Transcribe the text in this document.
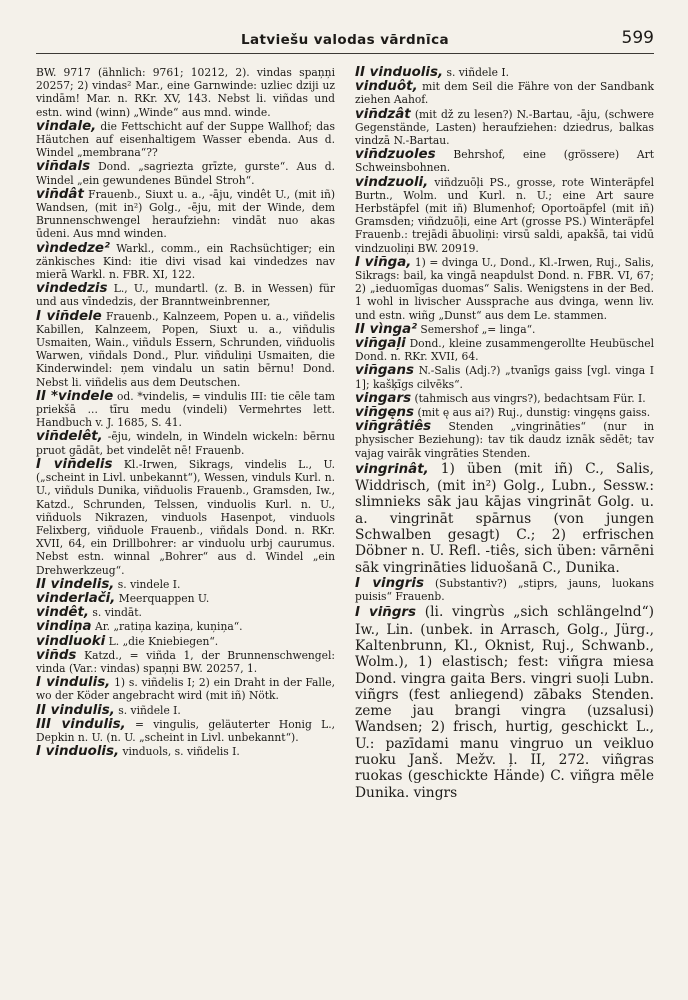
Latviešu valodas vārdnīca	599
BW. 9717 (ähnlich: 9761; 10212, 2). vindas spaņņi 20257; 2) vindas² Mar., eine Garnwinde: uzliec dziji uz vindām! Mar. n. RKr. XV, 143. Nebst li. viñdas und estn. wind (winn) „Winde“ aus mnd. winde.
vindale, die Fettschicht auf der Suppe Wallhof; das Häutchen auf eisenhaltigem Wasser ebenda. Aus d. Windel „membrana“??
viñdals Dond. „sagriezta grīzte, gurste“. Aus d. Windel „ein gewundenes Bündel Stroh“.
viñdât Frauenb., Siuxt u. a., -āju, vindêt U., (mit iñ) Wandsen, (mit in²) Golg., -ēju, mit der Winde, dem Brunnenschwengel heraufziehn: vindāt nuo akas ūdeni. Aus mnd winden.
vìndedze² Warkl., comm., ein Rachsüchtiger; ein zänkisches Kind: itie divi visad kai vindedzes nav mierā Warkl. n. FBR. XI, 122.
vindedzis L., U., mundartl. (z. B. in Wessen) für und aus vīndedzis, der Branntweinbrenner,
I viñdele Frauenb., Kalnzeem, Popen u. a., viñdelis Kabillen, Kalnzeem, Popen, Siuxt u. a., viñdulis Usmaiten, Wain., viñduls Essern, Schrunden, viñduolis Warwen, viñdals Dond., Plur. viñduliņi Usmaiten, die Kinderwindel: ņem vindalu un satin bērnu! Dond. Nebst li. viñdelis aus dem Deutschen.
II *vindele od. *vindelis, = vindulis III: tie cēle tam priekšā ... tīru medu (vindeli) Vermehrtes lett. Handbuch v. J. 1685, S. 41.
viñdelêt, -ēju, windeln, in Windeln wickeln: bērnu pruot gādāt, bet vindelēt nē! Frauenb.
I viñdelis Kl.-Irwen, Sikrags, vindelis L., U. („scheint in Livl. unbekannt“), Wessen, vinduls Kurl. n. U., viñduls Dunika, viñduolis Frauenb., Gramsden, Iw., Katzd., Schrunden, Telssen, vinduolis Kurl. n. U., viñduols Nikrazen, vinduols Hasenpot, vinduols Felixberg, viñduole Frauenb., viñdals Dond. n. RKr. XVII, 64, ein Drillbohrer: ar vinduolu urbj caurumus. Nebst estn. winnal „Bohrer“ aus d. Windel „ein Drehwerkzeug“.
II vindelis, s. vindele I.
vinderlači, Meerquappen U.
vindêt, s. vindāt.
vindiņa Ar. „ratiņa kaziņa, kuņiņa“.
vindluoki L. „die Kniebiegen“.
viñds Katzd., = viñda 1, der Brunnenschwengel: vinda (Var.: vindas) spaņņi BW. 20257, 1.
I vindulis, 1) s. viñdelis I; 2) ein Draht in der Falle, wo der Köder angebracht wird (mit iñ) Nötk.
II vindulis, s. viñdele I.
III vindulis, = vingulis, geläuterter Honig L., Depkin n. U. (n. U. „scheint in Livl. unbekannt“).
I vinduolis, vinduols, s. viñdelis I.
II vinduolis, s. viñdele I.
vinduôt, mit dem Seil die Fähre von der Sandbank ziehen Aahof.
viñdzât (mit dž zu lesen?) N.-Bartau, -āju, (schwere Gegenstände, Lasten) heraufziehen: dziedrus, balkas vindzā N.-Bartau.
viñdzuoles Behrshof, eine (grössere) Art Schweinsbohnen.
vindzuoli, viñdzuōļi PS., grosse, rote Winteräpfel Burtn., Wolm. und Kurl. n. U.; eine Art saure Herbstäpfel (mit iñ) Blumenhof; Oportoäpfel (mit iñ) Gramsden; viñdzuōļi, eine Art (grosse PS.) Winteräpfel Frauenb.: trejādi ābuoliņi: virsū saldi, apakšā, tai vidū vindzuoliņi BW. 20919.
I viñga, 1) = dvinga U., Dond., Kl.-Irwen, Ruj., Salis, Sikrags: bail, ka vingā neapdulst Dond. n. FBR. VI, 67; 2) „ieduomīgas duomas“ Salis. Wenigstens in der Bed. 1 wohl in livischer Aussprache aus dvinga, wenn liv. und estn. wiñg „Dunst“ aus dem Le. stammen.
II vìnga² Semershof „= linga“.
viñgaļi Dond., kleine zusammengerollte Heubüschel Dond. n. RKr. XVII, 64.
viñgans N.-Salis (Adj.?) „tvanīgs gaiss [vgl. vinga I 1]; kašķīgs cilvēks“.
vingars (tahmisch aus vingrs?), bedachtsam Für. I.
viñgęns (mit ę aus ai?) Ruj., dunstig: vingęns gaiss.
viñgrâtiês Stenden „vingrināties“ (nur in physischer Beziehung): tav tik daudz iznāk sēdēt; tav vajag vairāk vingrāties Stenden.
vingrinât, 1) üben (mit iñ) C., Salis, Widdrisch, (mit in²) Golg., Lubn., Sessw.: slimnieks sāk jau kājas vingrināt Golg. u. a. vingrināt spārnus (von jungen Schwalben gesagt) C.; 2) erfrischen Döbner n. U. Refl. -tiês, sich üben: vārnēni sāk vingrināties liduošanā C., Dunika.
I vingris (Substantiv?) „stiprs, jauns, luokans puisis“ Frauenb.
I viñgrs (li. vingrùs „sich schlängelnd“) Iw., Lin. (unbek. in Arrasch, Golg., Jürg., Kaltenbrunn, Kl., Oknist, Ruj., Schwanb., Wolm.), 1) elastisch; fest: viñgra miesa Dond. vingra gaita Bers. vingri suoļi Lubn. viñgrs (fest anliegend) zābaks Stenden. zeme jau brangi vingra (uzsalusi) Wandsen; 2) frisch, hurtig, geschickt L., U.: pazīdami manu vingruo un veikluo ruoku Janš. Mežv. ļ. II, 272. viñgras ruokas (geschickte Hände) C. viñgra mēle Dunika. vingrs
